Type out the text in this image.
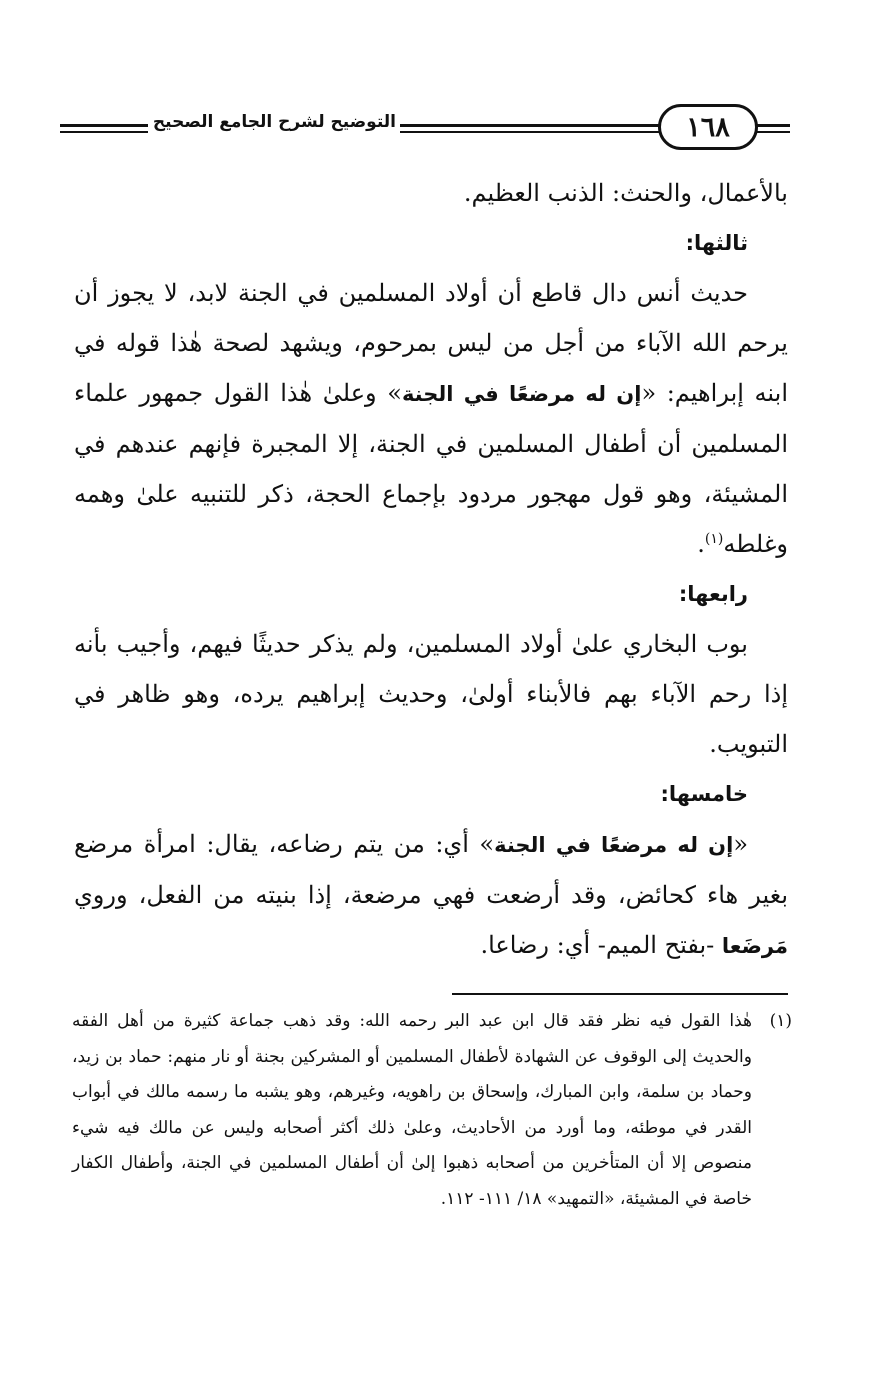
التوضيح لشرح الجامع الصحيح	١٦٨

بالأعمال، والحنث: الذنب العظيم.

ثالثها:

حديث أنس دال قاطع أن أولاد المسلمين في الجنة لابد، لا يجوز أن يرحم الله الآباء من أجل من ليس بمرحوم، ويشهد لصحة هٰذا قوله في ابنه إبراهيم: «إن له مرضعًا في الجنة» وعلىٰ هٰذا القول جمهور علماء المسلمين أن أطفال المسلمين في الجنة، إلا المجبرة فإنهم عندهم في المشيئة، وهو قول مهجور مردود بإجماع الحجة، ذكر للتنبيه علىٰ وهمه وغلطه$^{(١)}$.

رابعها:

بوب البخاري علىٰ أولاد المسلمين، ولم يذكر حديثًا فيهم، وأجيب بأنه إذا رحم الآباء بهم فالأبناء أولىٰ، وحديث إبراهيم يرده، وهو ظاهر في التبويب.

خامسها:

«إن له مرضعًا في الجنة» أي: من يتم رضاعه، يقال: امرأة مرضع بغير هاء كحائض، وقد أرضعت فهي مرضعة، إذا بنيته من الفعل، وروي مَرضَعا -بفتح الميم- أي: رضاعا.

(١)
هٰذا القول فيه نظر فقد قال ابن عبد البر رحمه الله: وقد ذهب جماعة كثيرة من أهل الفقه والحديث إلى الوقوف عن الشهادة لأطفال المسلمين أو المشركين بجنة أو نار منهم: حماد بن زيد، وحماد بن سلمة، وابن المبارك، وإسحاق بن راهويه، وغيرهم، وهو يشبه ما رسمه مالك في أبواب القدر في موطئه، وما أورد من الأحاديث، وعلىٰ ذلك أكثر أصحابه وليس عن مالك فيه شيء منصوص إلا أن المتأخرين من أصحابه ذهبوا إلىٰ أن أطفال المسلمين في الجنة، وأطفال الكفار خاصة في المشيئة، «التمهيد» ١٨/ ١١١- ١١٢.
